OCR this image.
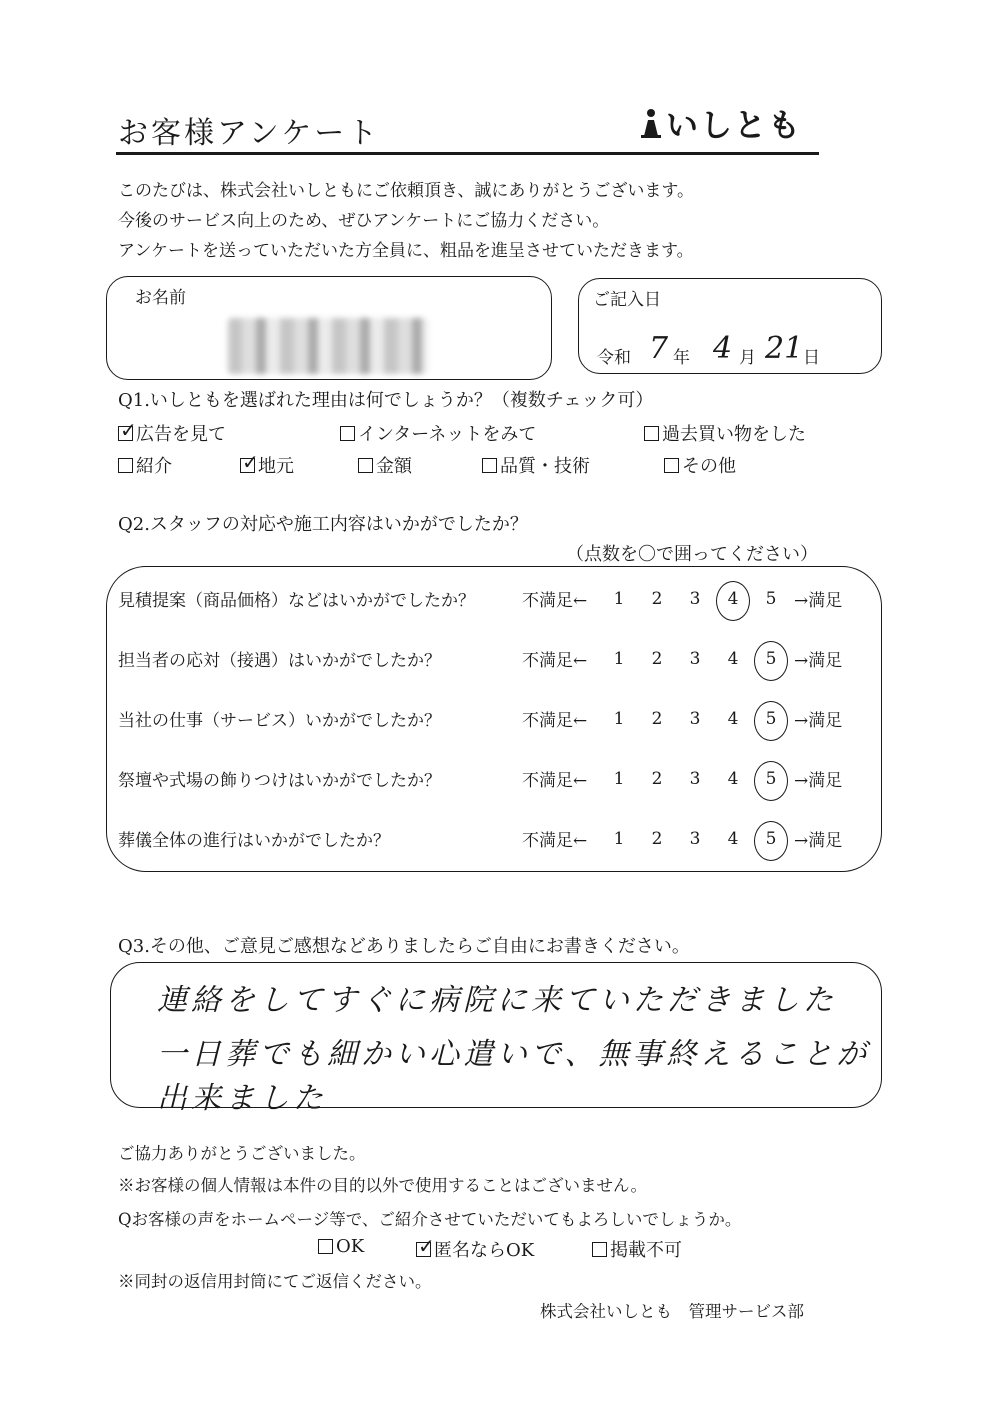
お客様アンケート	いしとも
このたびは、株式会社いしともにご依頼頂き、誠にありがとうございます。
今後のサービス向上のため、ぜひアンケートにご協力ください。
アンケートを送っていただいた方全員に、粗品を進呈させていただきます。
お名前	ご記入日
令和 7 年 4 月 21 日
Q1.いしともを選ばれた理由は何でしょうか？（複数チェック可）
✓ 広告を見て	インターネットをみて	過去買い物をした
紹介	✓ 地元	金額	品質・技術	その他
Q2.スタッフの対応や施工内容はいかがでしたか？
（点数を〇で囲ってください）
見積提案（商品価格）などはいかがでしたか？	不満足←	1	2	3	4	5	→満足
担当者の応対（接遇）はいかがでしたか？	不満足←	1	2	3	4	5	→満足
当社の仕事（サービス）いかがでしたか？	不満足←	1	2	3	4	5	→満足
祭壇や式場の飾りつけはいかがでしたか？	不満足←	1	2	3	4	5	→満足
葬儀全体の進行はいかがでしたか？	不満足←	1	2	3	4	5	→満足
Q3.その他、ご意見ご感想などありましたらご自由にお書きください。
連絡をしてすぐに病院に来ていただきました
一日葬でも細かい心遣いで、無事終えることが出来ました
ご協力ありがとうございました。
※お客様の個人情報は本件の目的以外で使用することはございません。
Qお客様の声をホームページ等で、ご紹介させていただいてもよろしいでしょうか。
OK	✓ 匿名ならOK	掲載不可
※同封の返信用封筒にてご返信ください。
株式会社いしとも　管理サービス部
